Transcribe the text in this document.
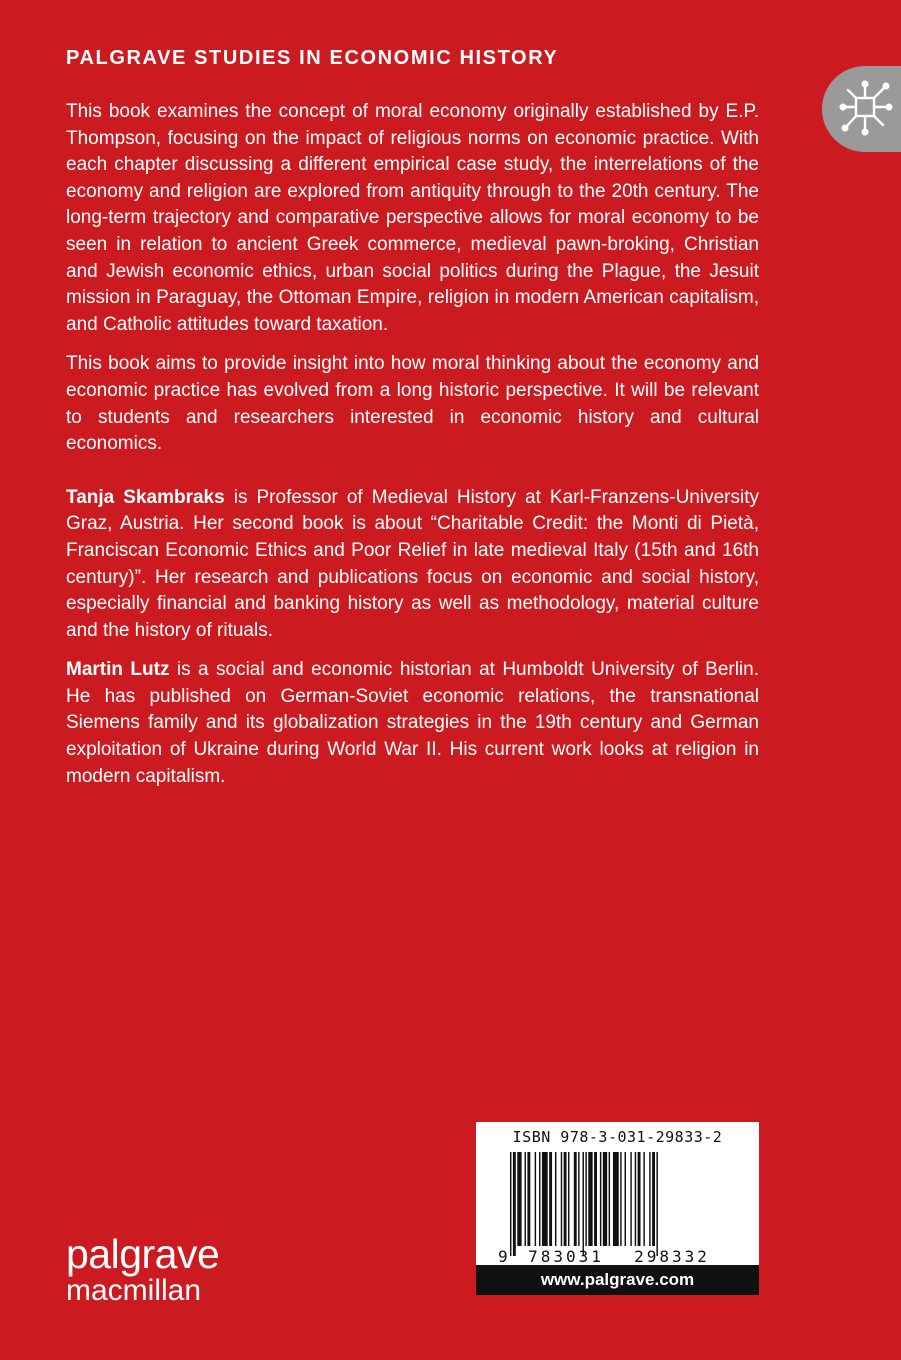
PALGRAVE STUDIES IN ECONOMIC HISTORY

This book examines the concept of moral economy originally established by E.P. Thompson, focusing on the impact of religious norms on economic practice. With each chapter discussing a different empirical case study, the interrelations of the economy and religion are explored from antiquity through to the 20th century. The long-term trajectory and comparative perspective allows for moral economy to be seen in relation to ancient Greek commerce, medieval pawn-broking, Christian and Jewish economic ethics, urban social politics during the Plague, the Jesuit mission in Paraguay, the Ottoman Empire, religion in modern American capitalism, and Catholic attitudes toward taxation.

This book aims to provide insight into how moral thinking about the economy and economic practice has evolved from a long historic perspective. It will be relevant to students and researchers interested in economic history and cultural economics.

Tanja Skambraks is Professor of Medieval History at Karl-Franzens-University Graz, Austria. Her second book is about “Charitable Credit: the Monti di Pietà, Franciscan Economic Ethics and Poor Relief in late medieval Italy (15th and 16th century)”. Her research and publications focus on economic and social history, especially financial and banking history as well as methodology, material culture and the history of rituals.

Martin Lutz is a social and economic historian at Humboldt University of Berlin. He has published on German-Soviet economic relations, the transnational Siemens family and its globalization strategies in the 19th century and German exploitation of Ukraine during World War II. His current work looks at religion in modern capitalism.

palgrave
macmillan
ISBN 978-3-031-29833-2
9 783031 298332
www.palgrave.com
